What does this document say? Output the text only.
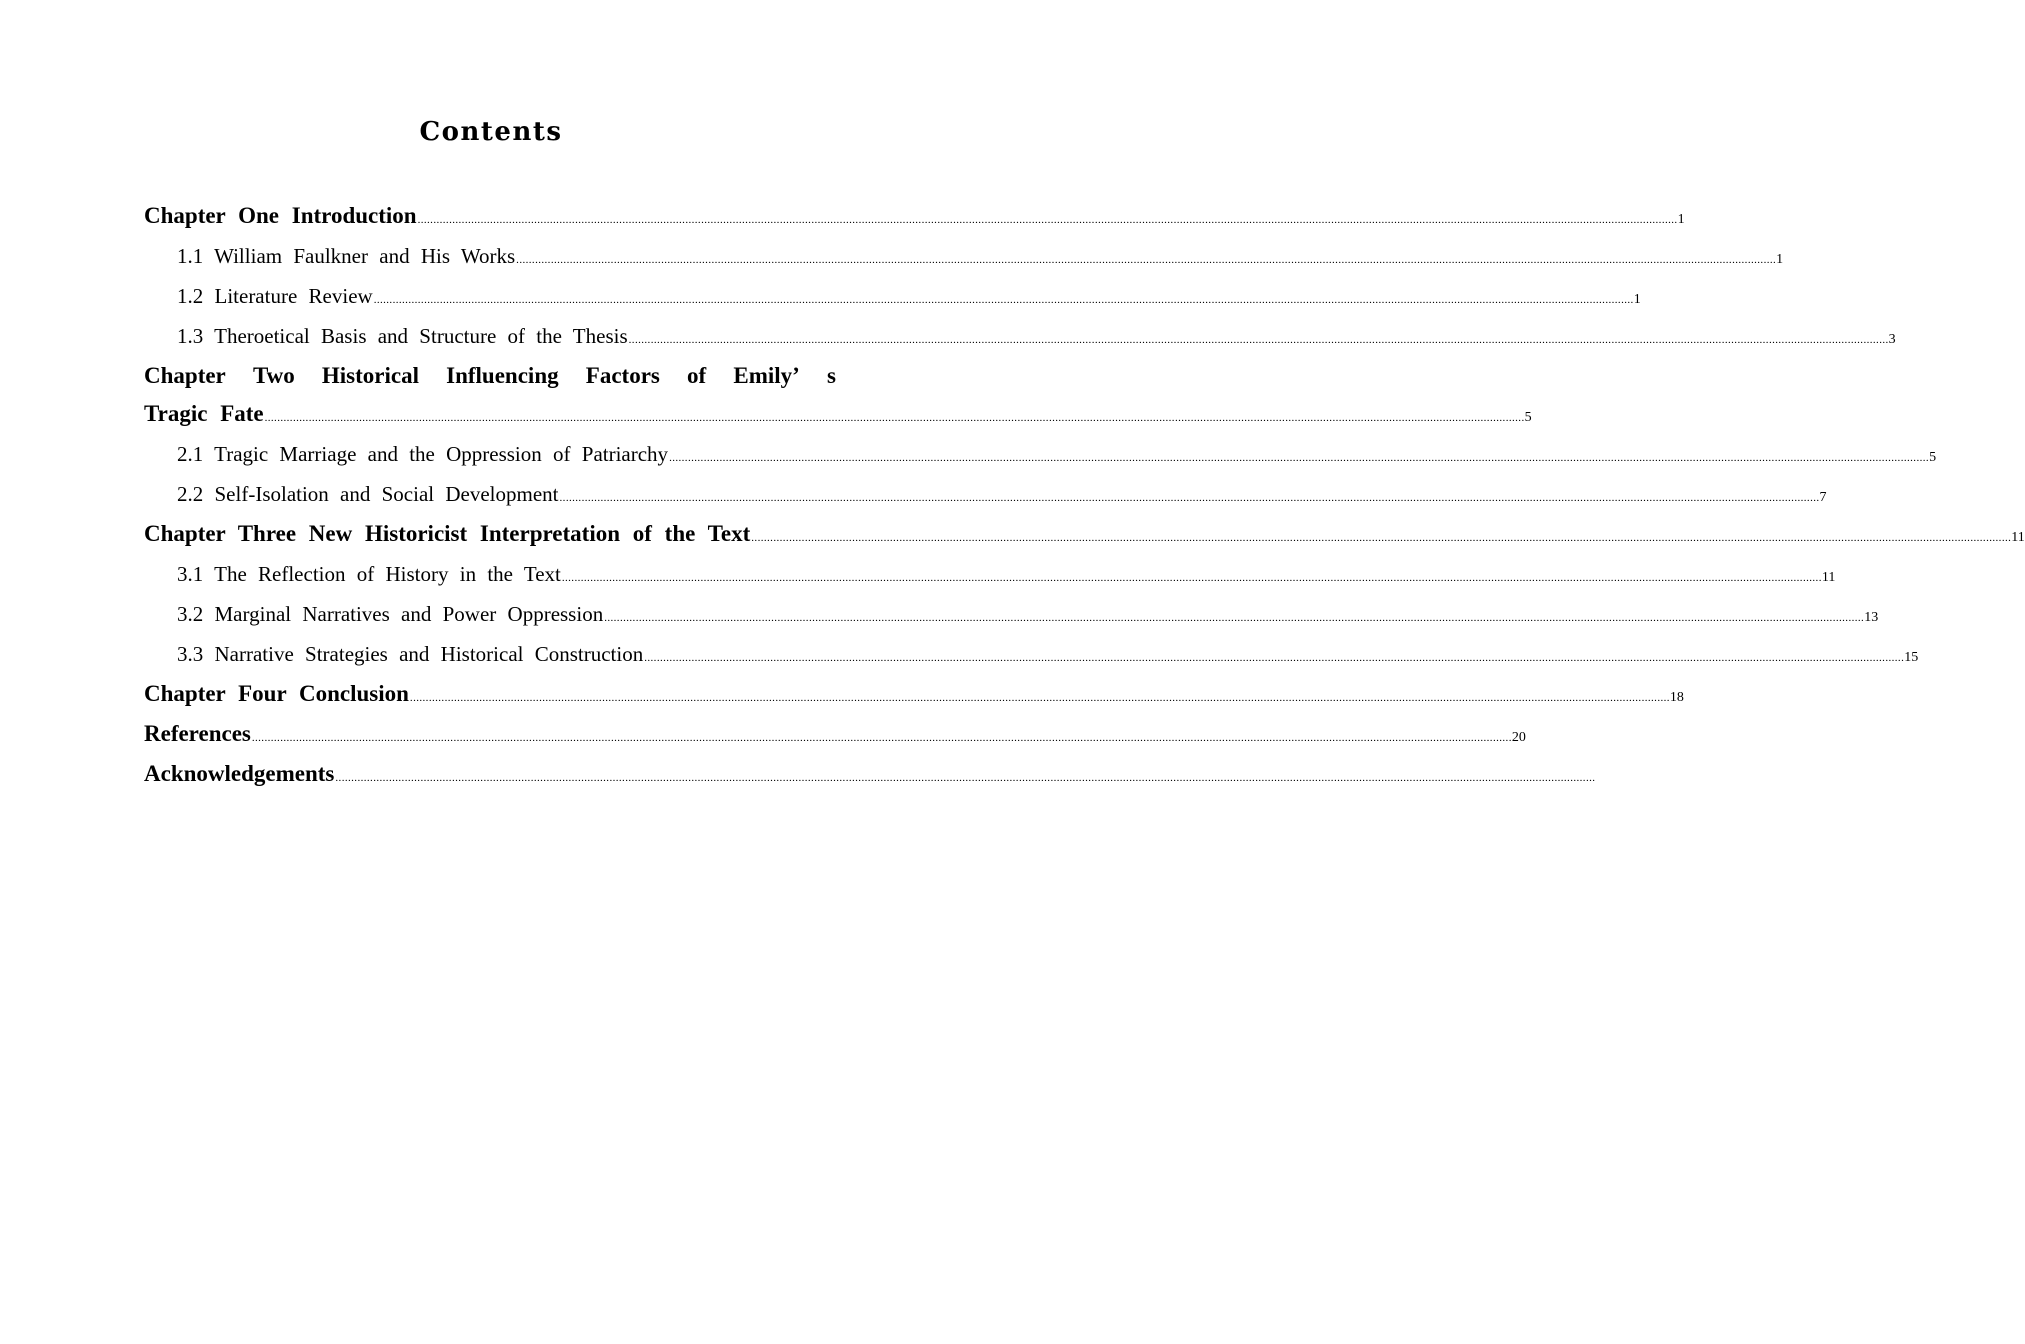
Contents
Chapter One Introduction ................................................................................................................................................................................................................................................................................................................................................................................................................ 1
1.1 William Faulkner and His Works ................................................................................................................................................................................................................................................................................................................................................................................................................ 1
1.2 Literature Review ................................................................................................................................................................................................................................................................................................................................................................................................................ 1
1.3 Theroetical Basis and Structure of the Thesis ................................................................................................................................................................................................................................................................................................................................................................................................................ 3
Chapter Two Historical Influencing Factors of Emily’ s
Tragic Fate ................................................................................................................................................................................................................................................................................................................................................................................................................ 5
2.1 Tragic Marriage and the Oppression of Patriarchy ................................................................................................................................................................................................................................................................................................................................................................................................................ 5
2.2 Self-Isolation and Social Development ................................................................................................................................................................................................................................................................................................................................................................................................................ 7
Chapter Three New Historicist Interpretation of the Text ................................................................................................................................................................................................................................................................................................................................................................................................................ 11
3.1 The Reflection of History in the Text ................................................................................................................................................................................................................................................................................................................................................................................................................ 11
3.2 Marginal Narratives and Power Oppression ................................................................................................................................................................................................................................................................................................................................................................................................................ 13
3.3 Narrative Strategies and Historical Construction ................................................................................................................................................................................................................................................................................................................................................................................................................ 15
Chapter Four Conclusion ................................................................................................................................................................................................................................................................................................................................................................................................................ 18
References ................................................................................................................................................................................................................................................................................................................................................................................................................ 20
Acknowledgements ................................................................................................................................................................................................................................................................................................................................................................................................................
